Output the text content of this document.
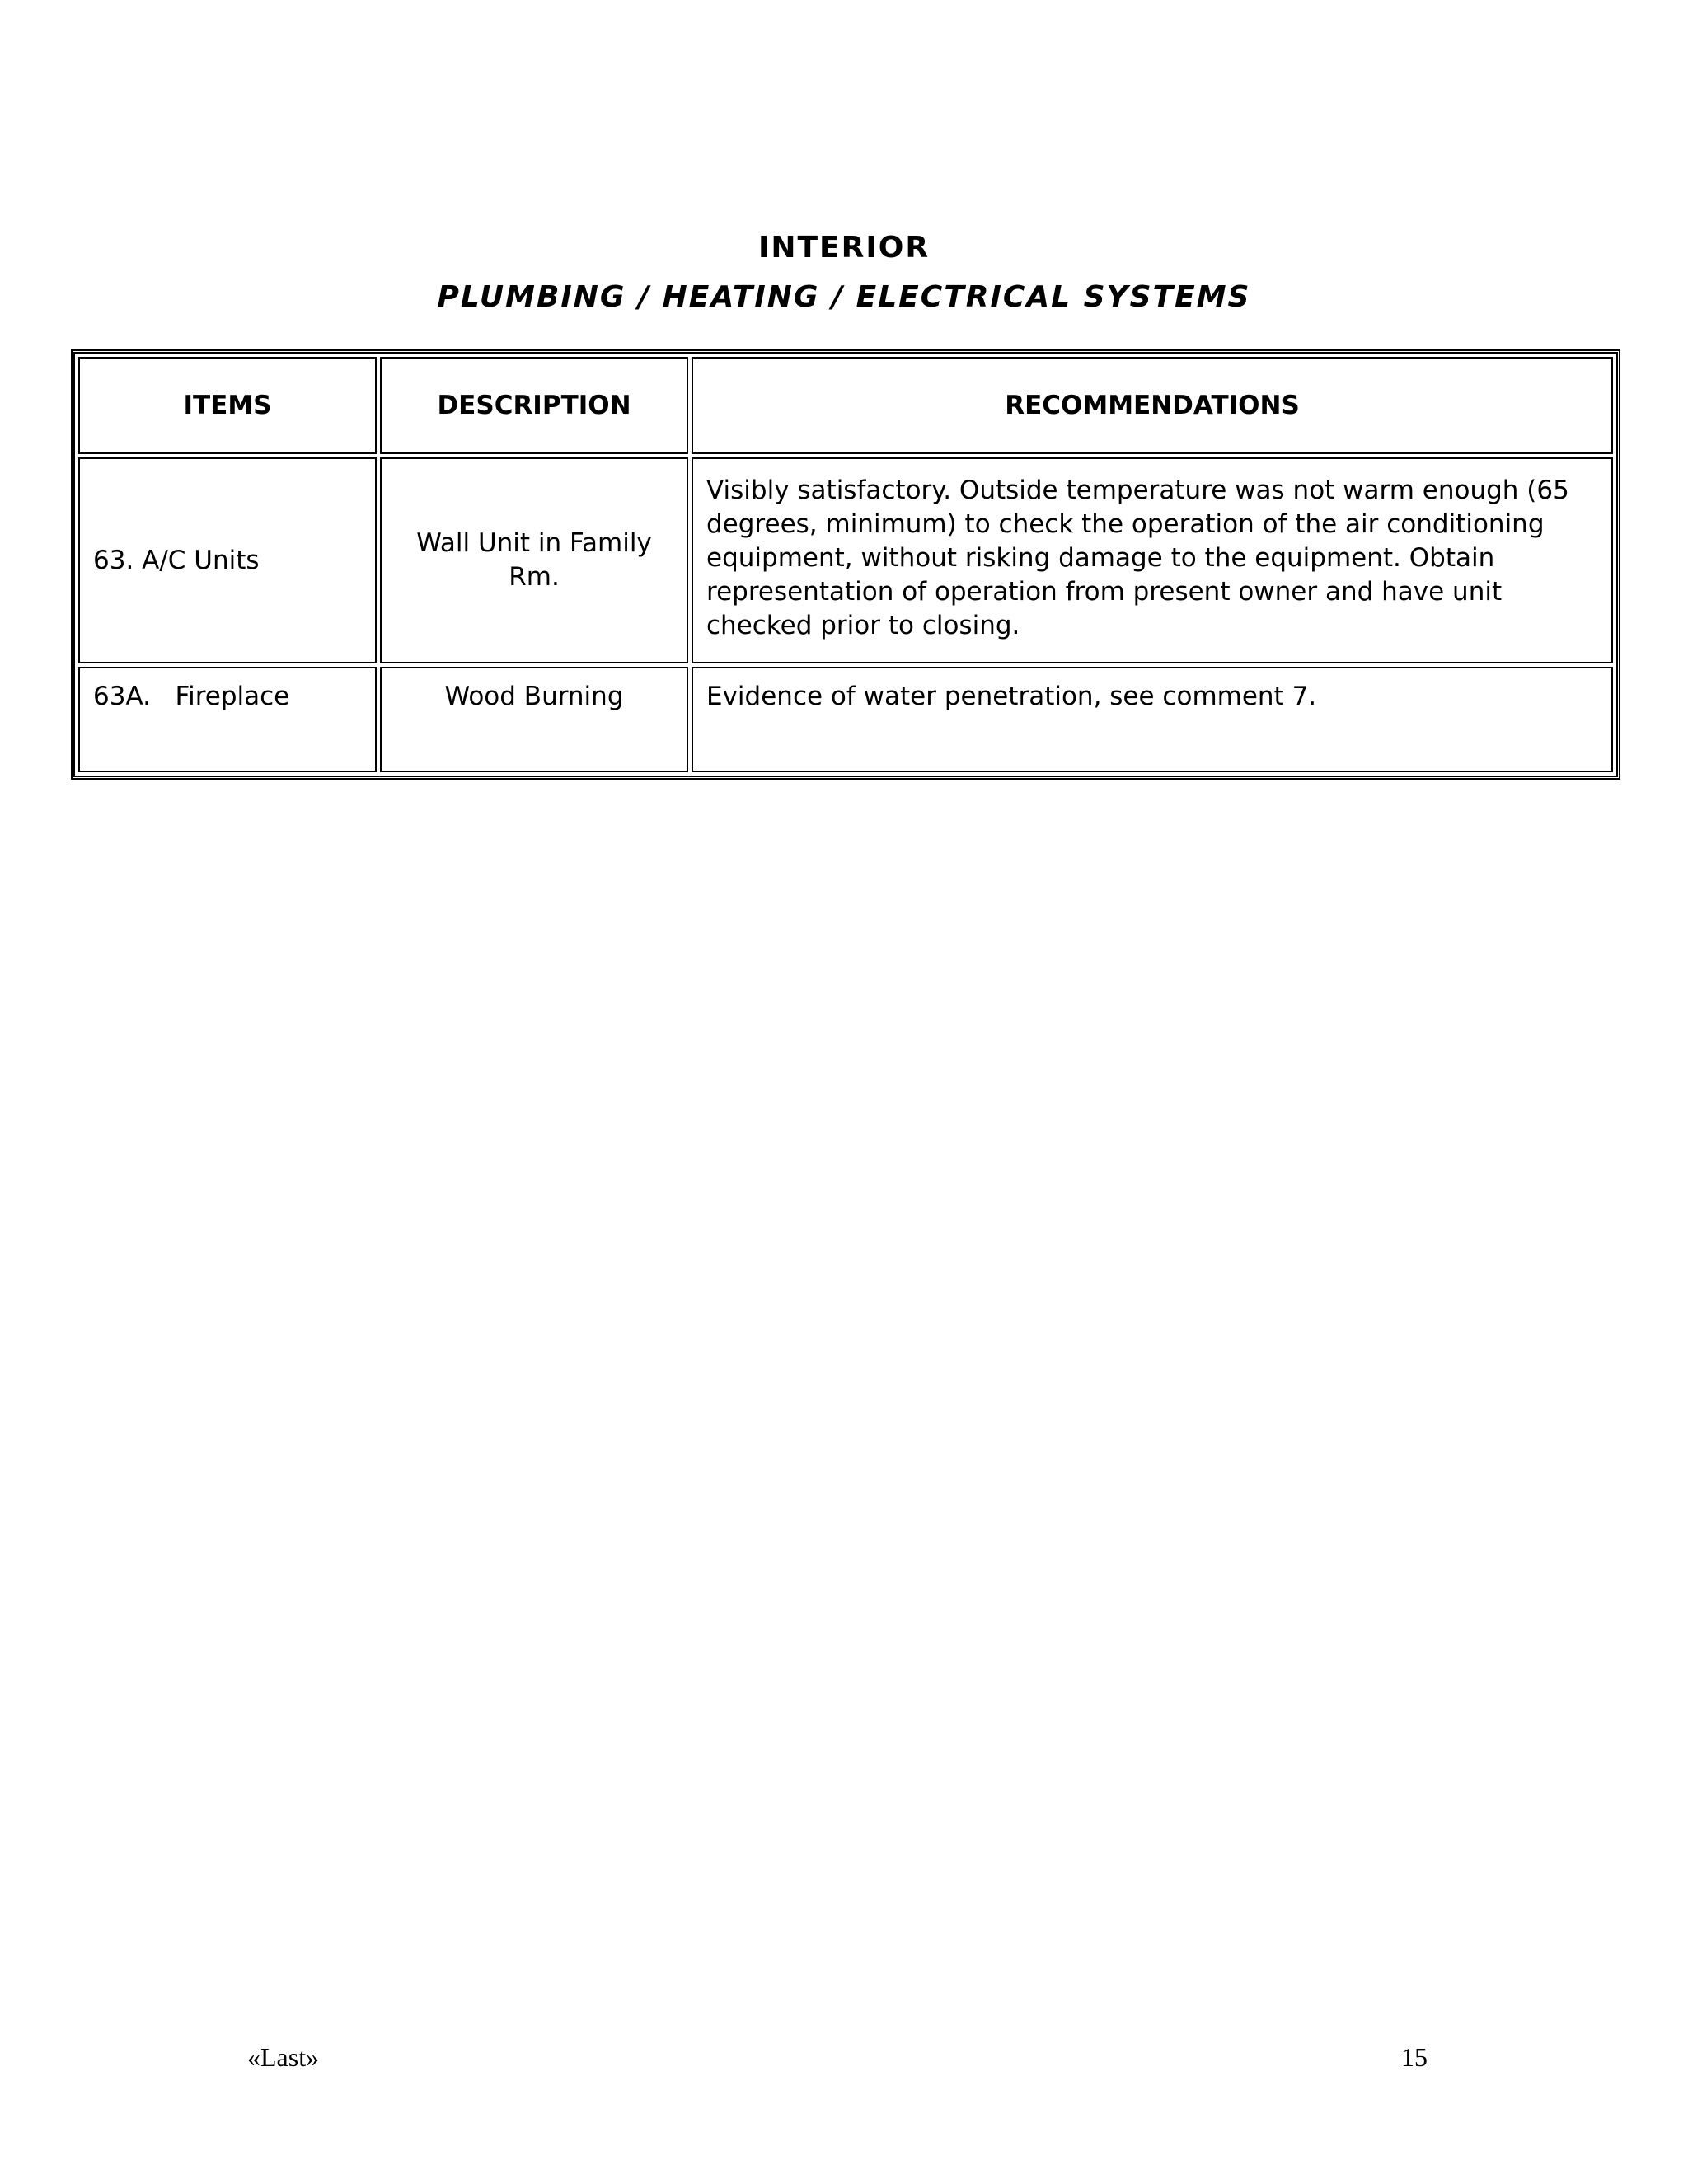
INTERIOR
PLUMBING / HEATING / ELECTRICAL SYSTEMS
ITEMS	DESCRIPTION	RECOMMENDATIONS
63. A/C Units	Wall Unit in Family Rm.	Visibly satisfactory. Outside temperature was not warm enough (65 degrees, minimum) to check the operation of the air conditioning equipment, without risking damage to the equipment. Obtain representation of operation from present owner and have unit checked prior to closing.
63A.   Fireplace	Wood Burning	Evidence of water penetration, see comment 7.
«Last»	15
